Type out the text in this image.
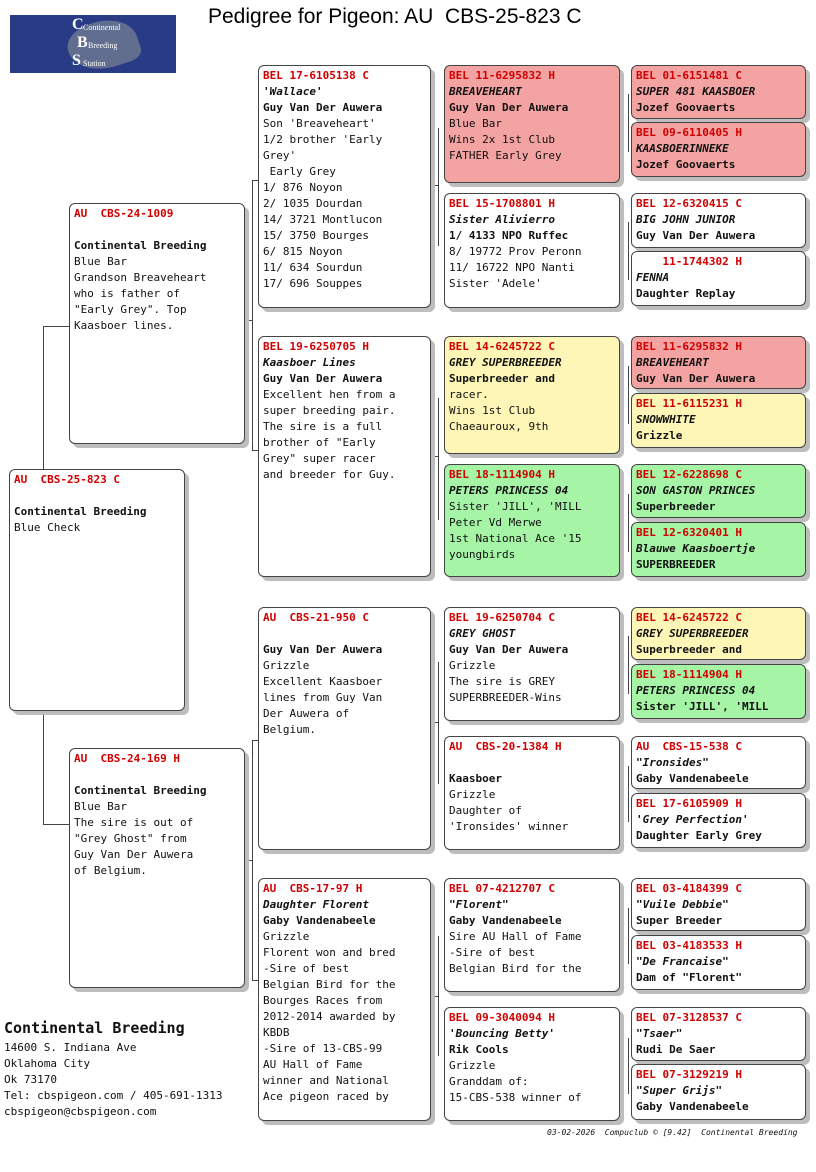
Pedigree for Pigeon: AU  CBS-25-823 C
C Continental
B Breeding
S Station
AU  CBS-25-823 C
Continental Breeding
Blue Check
AU  CBS-24-1009
Continental Breeding
Blue Bar
Grandson Breaveheart
who is father of
"Early Grey". Top
Kaasboer lines.
AU  CBS-24-169 H
Continental Breeding
Blue Bar
The sire is out of
"Grey Ghost" from
Guy Van Der Auwera
of Belgium.
BEL 17-6105138 C
'Wallace'
Guy Van Der Auwera
Son 'Breaveheart'
1/2 brother 'Early
Grey'
Early Grey
1/ 876 Noyon
2/ 1035 Dourdan
14/ 3721 Montlucon
15/ 3750 Bourges
6/ 815 Noyon
11/ 634 Sourdun
17/ 696 Souppes
BEL 19-6250705 H
Kaasboer Lines
Guy Van Der Auwera
Excellent hen from a
super breeding pair.
The sire is a full
brother of "Early
Grey" super racer
and breeder for Guy.
AU  CBS-21-950 C
Guy Van Der Auwera
Grizzle
Excellent Kaasboer
lines from Guy Van
Der Auwera of
Belgium.
AU  CBS-17-97 H
Daughter Florent
Gaby Vandenabeele
Grizzle
Florent won and bred
-Sire of best
Belgian Bird for the
Bourges Races from
2012-2014 awarded by
KBDB
-Sire of 13-CBS-99
AU Hall of Fame
winner and National
Ace pigeon raced by
BEL 11-6295832 H
BREAVEHEART
Guy Van Der Auwera
Blue Bar
Wins 2x 1st Club
FATHER Early Grey
BEL 15-1708801 H
Sister Alivierro
1/ 4133 NPO Ruffec
8/ 19772 Prov Peronn
11/ 16722 NPO Nanti
Sister 'Adele'
BEL 14-6245722 C
GREY SUPERBREEDER
Superbreeder and
racer.
Wins 1st Club
Chaeauroux, 9th
BEL 18-1114904 H
PETERS PRINCESS 04
Sister 'JILL', 'MILL
Peter Vd Merwe
1st National Ace '15
youngbirds
BEL 19-6250704 C
GREY GHOST
Guy Van Der Auwera
Grizzle
The sire is GREY
SUPERBREEDER-Wins
AU  CBS-20-1384 H
Kaasboer
Grizzle
Daughter of
'Ironsides' winner
BEL 07-4212707 C
"Florent"
Gaby Vandenabeele
Sire AU Hall of Fame
-Sire of best
Belgian Bird for the
BEL 09-3040094 H
'Bouncing Betty'
Rik Cools
Grizzle
Granddam of:
15-CBS-538 winner of
BEL 01-6151481 C
SUPER 481 KAASBOER
Jozef Goovaerts
BEL 09-6110405 H
KAASBOERINNEKE
Jozef Goovaerts
BEL 12-6320415 C
BIG JOHN JUNIOR
Guy Van Der Auwera
11-1744302 H
FENNA
Daughter Replay
BEL 11-6295832 H
BREAVEHEART
Guy Van Der Auwera
BEL 11-6115231 H
SNOWWHITE
Grizzle
BEL 12-6228698 C
SON GASTON PRINCES
Superbreeder
BEL 12-6320401 H
Blauwe Kaasboertje
SUPERBREEDER
BEL 14-6245722 C
GREY SUPERBREEDER
Superbreeder and
BEL 18-1114904 H
PETERS PRINCESS 04
Sister 'JILL', 'MILL
AU  CBS-15-538 C
"Ironsides"
Gaby Vandenabeele
BEL 17-6105909 H
'Grey Perfection'
Daughter Early Grey
BEL 03-4184399 C
"Vuile Debbie"
Super Breeder
BEL 03-4183533 H
"De Francaise"
Dam of "Florent"
BEL 07-3128537 C
"Tsaer"
Rudi De Saer
BEL 07-3129219 H
"Super Grijs"
Gaby Vandenabeele
Continental Breeding
14600 S. Indiana Ave
Oklahoma City
Ok 73170
Tel: cbspigeon.com / 405-691-1313
cbspigeon@cbspigeon.com
03-02-2026  Compuclub © [9.42]  Continental Breeding
